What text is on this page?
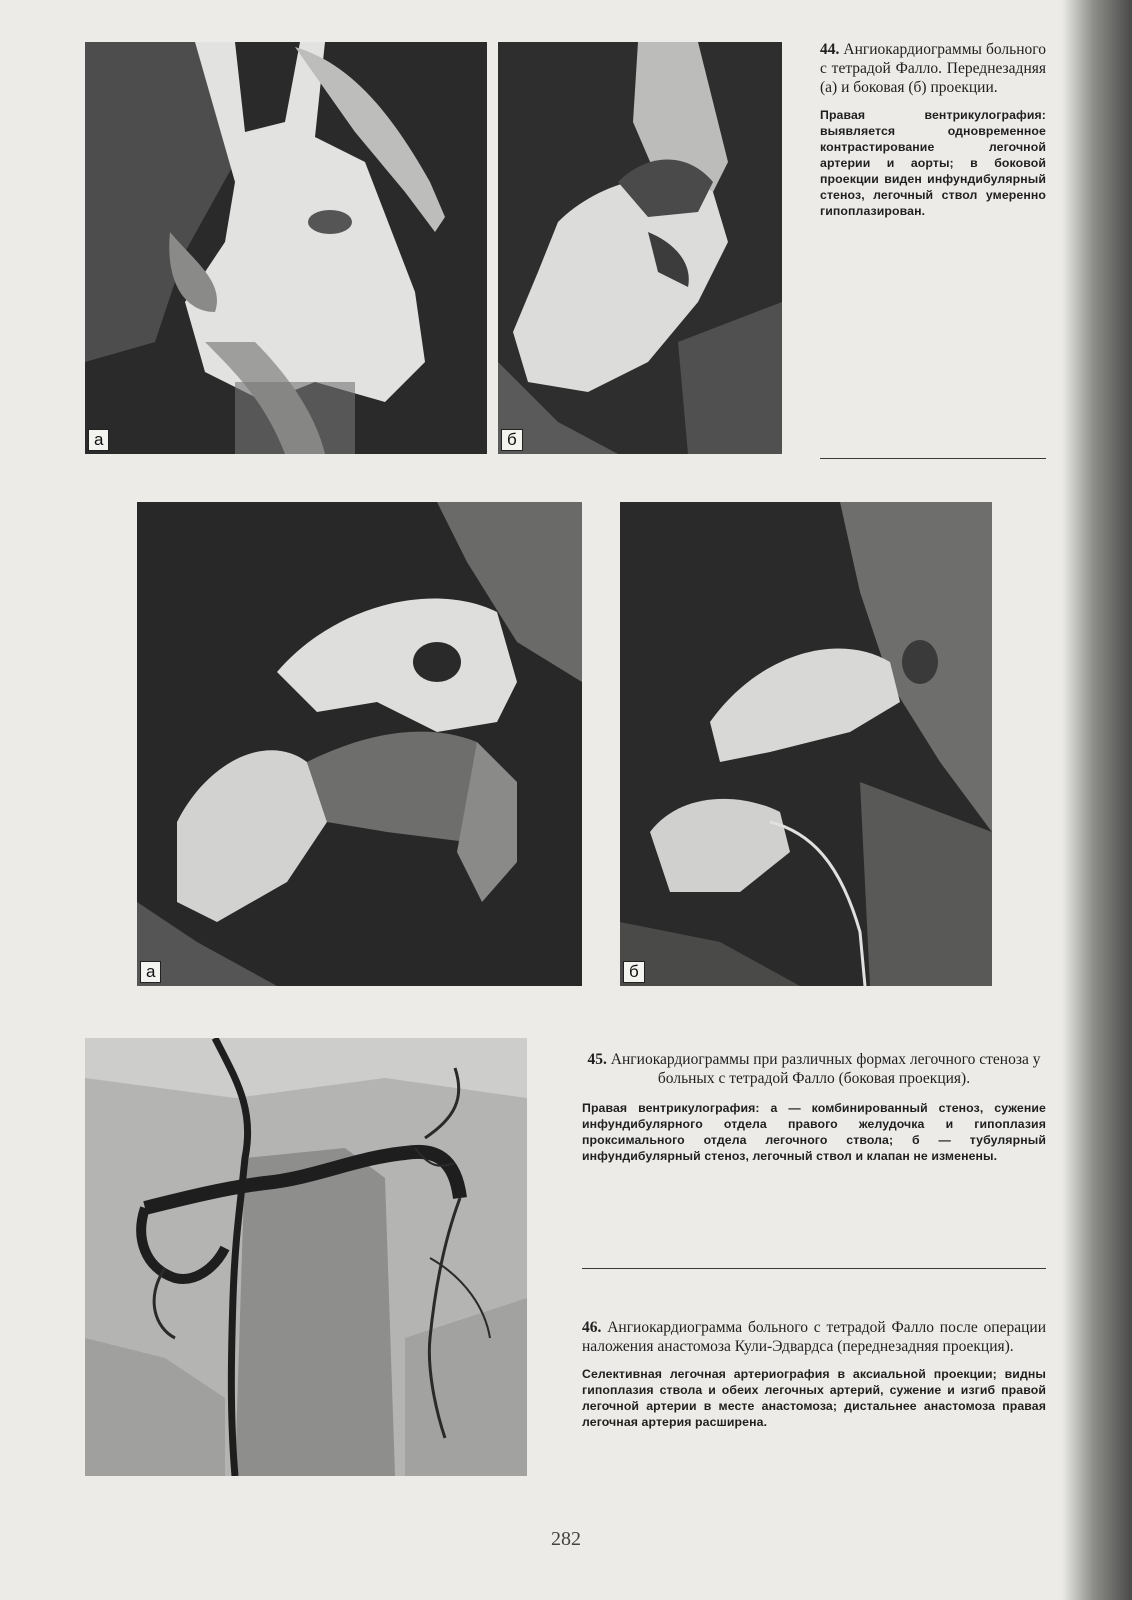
а	б

44. Ангиокардиограммы больного с тетрадой Фалло. Переднезадняя (а) и боковая (б) проекции.

Правая вентрикулография: выявляется одновременное контрастирование легочной артерии и аорты; в боковой проекции виден инфундибулярный стеноз, легочный ствол умеренно гипоплазирован.

а	б

45. Ангиокардиограммы при различных формах легочного стеноза у больных с тетрадой Фалло (боковая проекция).

Правая вентрикулография: а — комбинированный стеноз, сужение инфундибулярного отдела правого желудочка и гипоплазия проксимального отдела легочного ствола; б — тубулярный инфундибулярный стеноз, легочный ствол и клапан не изменены.

46. Ангиокардиограмма больного с тетрадой Фалло после операции наложения анастомоза Кули-Эдвардса (переднезадняя проекция).

Селективная легочная артериография в аксиальной проекции; видны гипоплазия ствола и обеих легочных артерий, сужение и изгиб правой легочной артерии в месте анастомоза; дистальнее анастомоза правая легочная артерия расширена.

282
